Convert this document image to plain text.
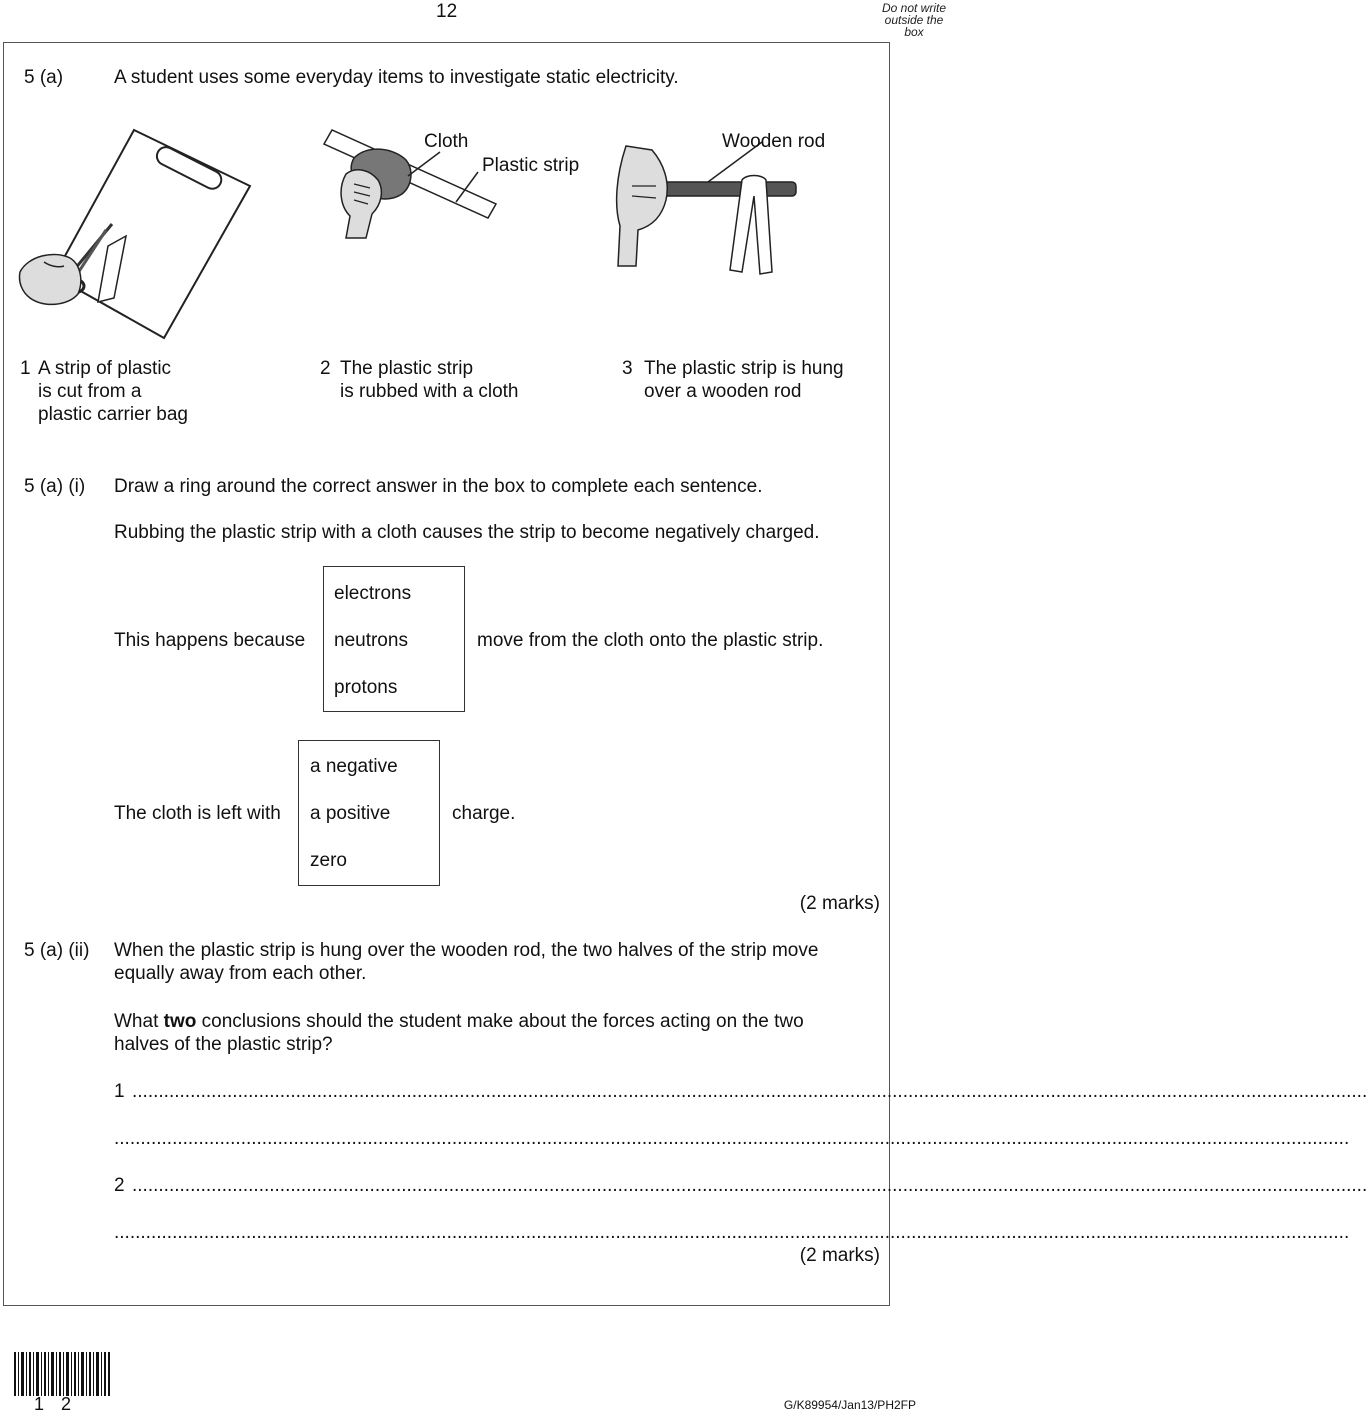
12	Do not write outside the box
5 (a)	A student uses some everyday items to investigate static electricity.
Cloth
Plastic strip
Wooden rod
1 A strip of plastic
is cut from a
plastic carrier bag
2 The plastic strip
is rubbed with a cloth
3 The plastic strip is hung
over a wooden rod
5 (a) (i) Draw a ring around the correct answer in the box to complete each sentence.
Rubbing the plastic strip with a cloth causes the strip to become negatively charged.
This happens because
electrons
neutrons
protons
move from the cloth onto the plastic strip.
The cloth is left with
a negative
a positive
zero
charge.
(2 marks)
5 (a) (ii) When the plastic strip is hung over the wooden rod, the two halves of the strip move
equally away from each other.
What two conclusions should the student make about the forces acting on the two
halves of the plastic strip?
1 ..........................................................................................................................................................................................................................................
..........................................................................................................................................................................................................................................
2 ..........................................................................................................................................................................................................................................
..........................................................................................................................................................................................................................................
(2 marks)
1 2	G/K89954/Jan13/PH2FP
